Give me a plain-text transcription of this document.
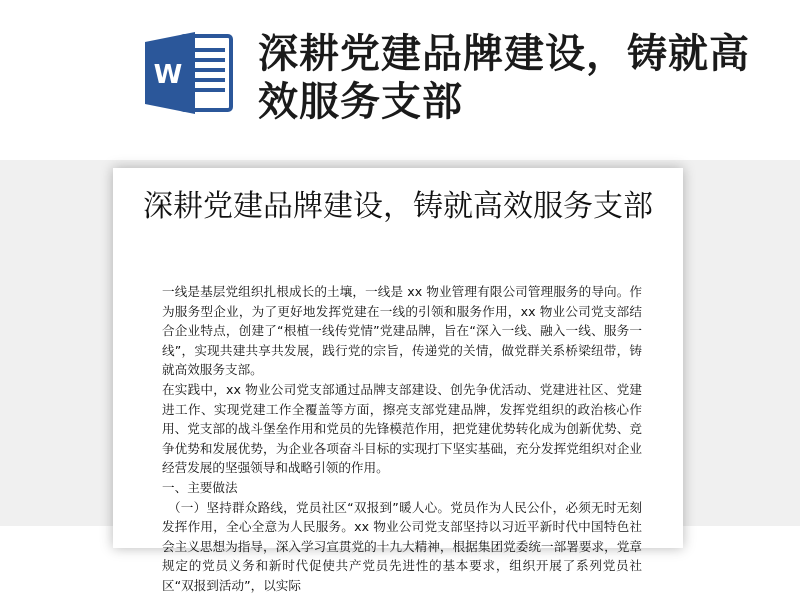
W 深耕党建品牌建设，铸就高效服务支部
深耕党建品牌建设，铸就高效服务支部

一线是基层党组织扎根成长的土壤，一线是 xx 物业管理有限公司管理服务的导向。作为服务型企业，为了更好地发挥党建在一线的引领和服务作用，xx 物业公司党支部结合企业特点，创建了“根植一线传党情”党建品牌，旨在“深入一线、融入一线、服务一线”，实现共建共享共发展，践行党的宗旨，传递党的关情，做党群关系桥梁纽带，铸就高效服务支部。

在实践中，xx 物业公司党支部通过品牌支部建设、创先争优活动、党建进社区、党建进工作、实现党建工作全覆盖等方面，擦亮支部党建品牌，发挥党组织的政治核心作用、党支部的战斗堡垒作用和党员的先锋模范作用，把党建优势转化成为创新优势、竞争优势和发展优势，为企业各项奋斗目标的实现打下坚实基础，充分发挥党组织对企业经营发展的坚强领导和战略引领的作用。

一、主要做法

（一）坚持群众路线，党员社区“双报到”暖人心。党员作为人民公仆，必须无时无刻发挥作用，全心全意为人民服务。xx 物业公司党支部坚持以习近平新时代中国特色社会主义思想为指导，深入学习宣贯党的十九大精神，根据集团党委统一部署要求，党章规定的党员义务和新时代促使共产党员先进性的基本要求，组织开展了系列党员社区“双报到活动”，以实际
